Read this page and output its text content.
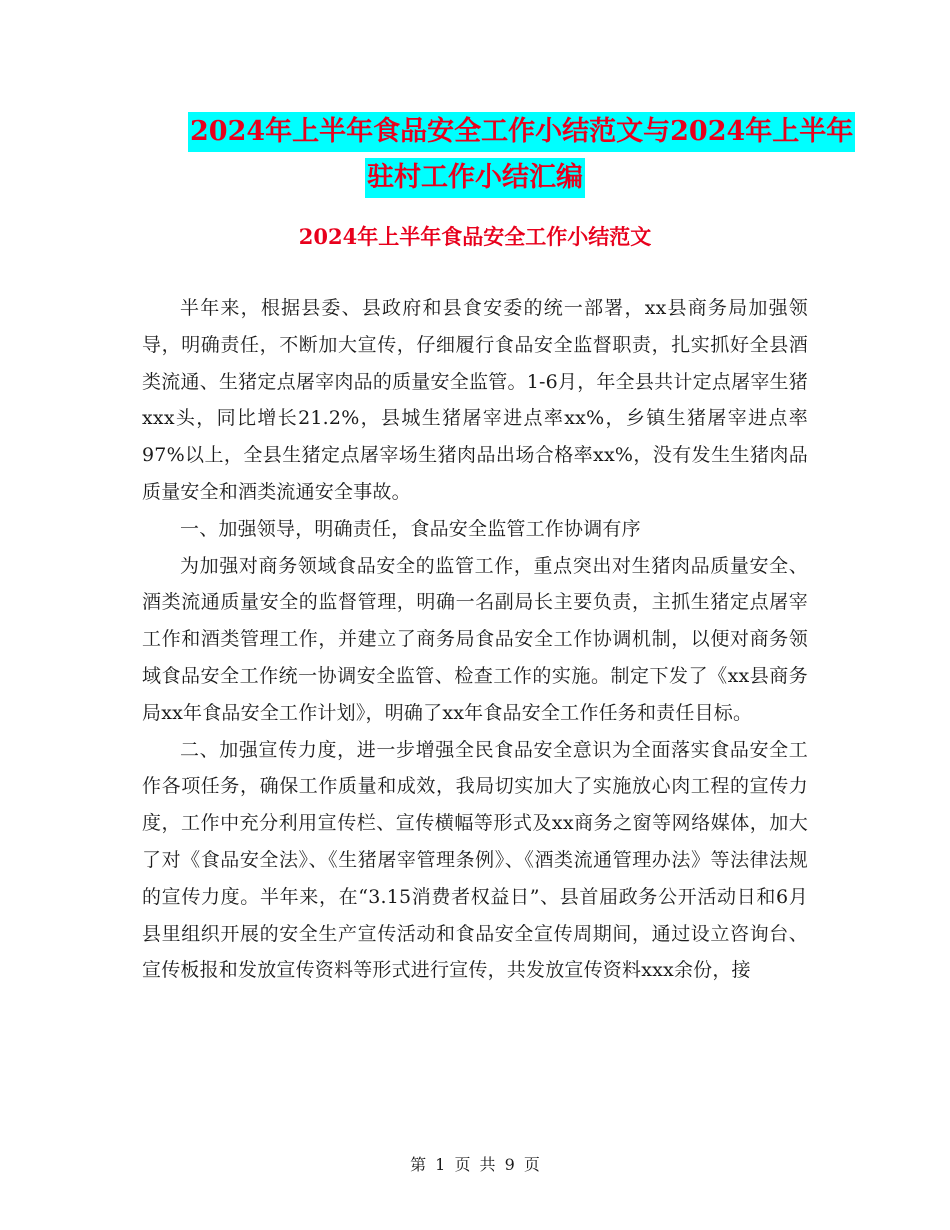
2024年上半年食品安全工作小结范文与2024年上半年
驻村工作小结汇编
2024年上半年食品安全工作小结范文

半年来，根据县委、县政府和县食安委的统一部署，xx县商务局加强领导，明确责任，不断加大宣传，仔细履行食品安全监督职责，扎实抓好全县酒类流通、生猪定点屠宰肉品的质量安全监管。1-6月，年全县共计定点屠宰生猪xxx头，同比增长21.2%，县城生猪屠宰进点率xx%，乡镇生猪屠宰进点率97%以上，全县生猪定点屠宰场生猪肉品出场合格率xx%，没有发生生猪肉品质量安全和酒类流通安全事故。

一、加强领导，明确责任，食品安全监管工作协调有序

为加强对商务领域食品安全的监管工作，重点突出对生猪肉品质量安全、酒类流通质量安全的监督管理，明确一名副局长主要负责，主抓生猪定点屠宰工作和酒类管理工作，并建立了商务局食品安全工作协调机制，以便对商务领域食品安全工作统一协调安全监管、检查工作的实施。制定下发了《xx县商务局xx年食品安全工作计划》，明确了xx年食品安全工作任务和责任目标。

二、加强宣传力度，进一步增强全民食品安全意识为全面落实食品安全工作各项任务，确保工作质量和成效，我局切实加大了实施放心肉工程的宣传力度，工作中充分利用宣传栏、宣传横幅等形式及xx商务之窗等网络媒体，加大了对《食品安全法》、《生猪屠宰管理条例》、《酒类流通管理办法》等法律法规的宣传力度。半年来，在“3.15消费者权益日”、县首届政务公开活动日和6月县里组织开展的安全生产宣传活动和食品安全宣传周期间，通过设立咨询台、宣传板报和发放宣传资料等形式进行宣传，共发放宣传资料xxx余份，接

第 1 页 共 9 页
